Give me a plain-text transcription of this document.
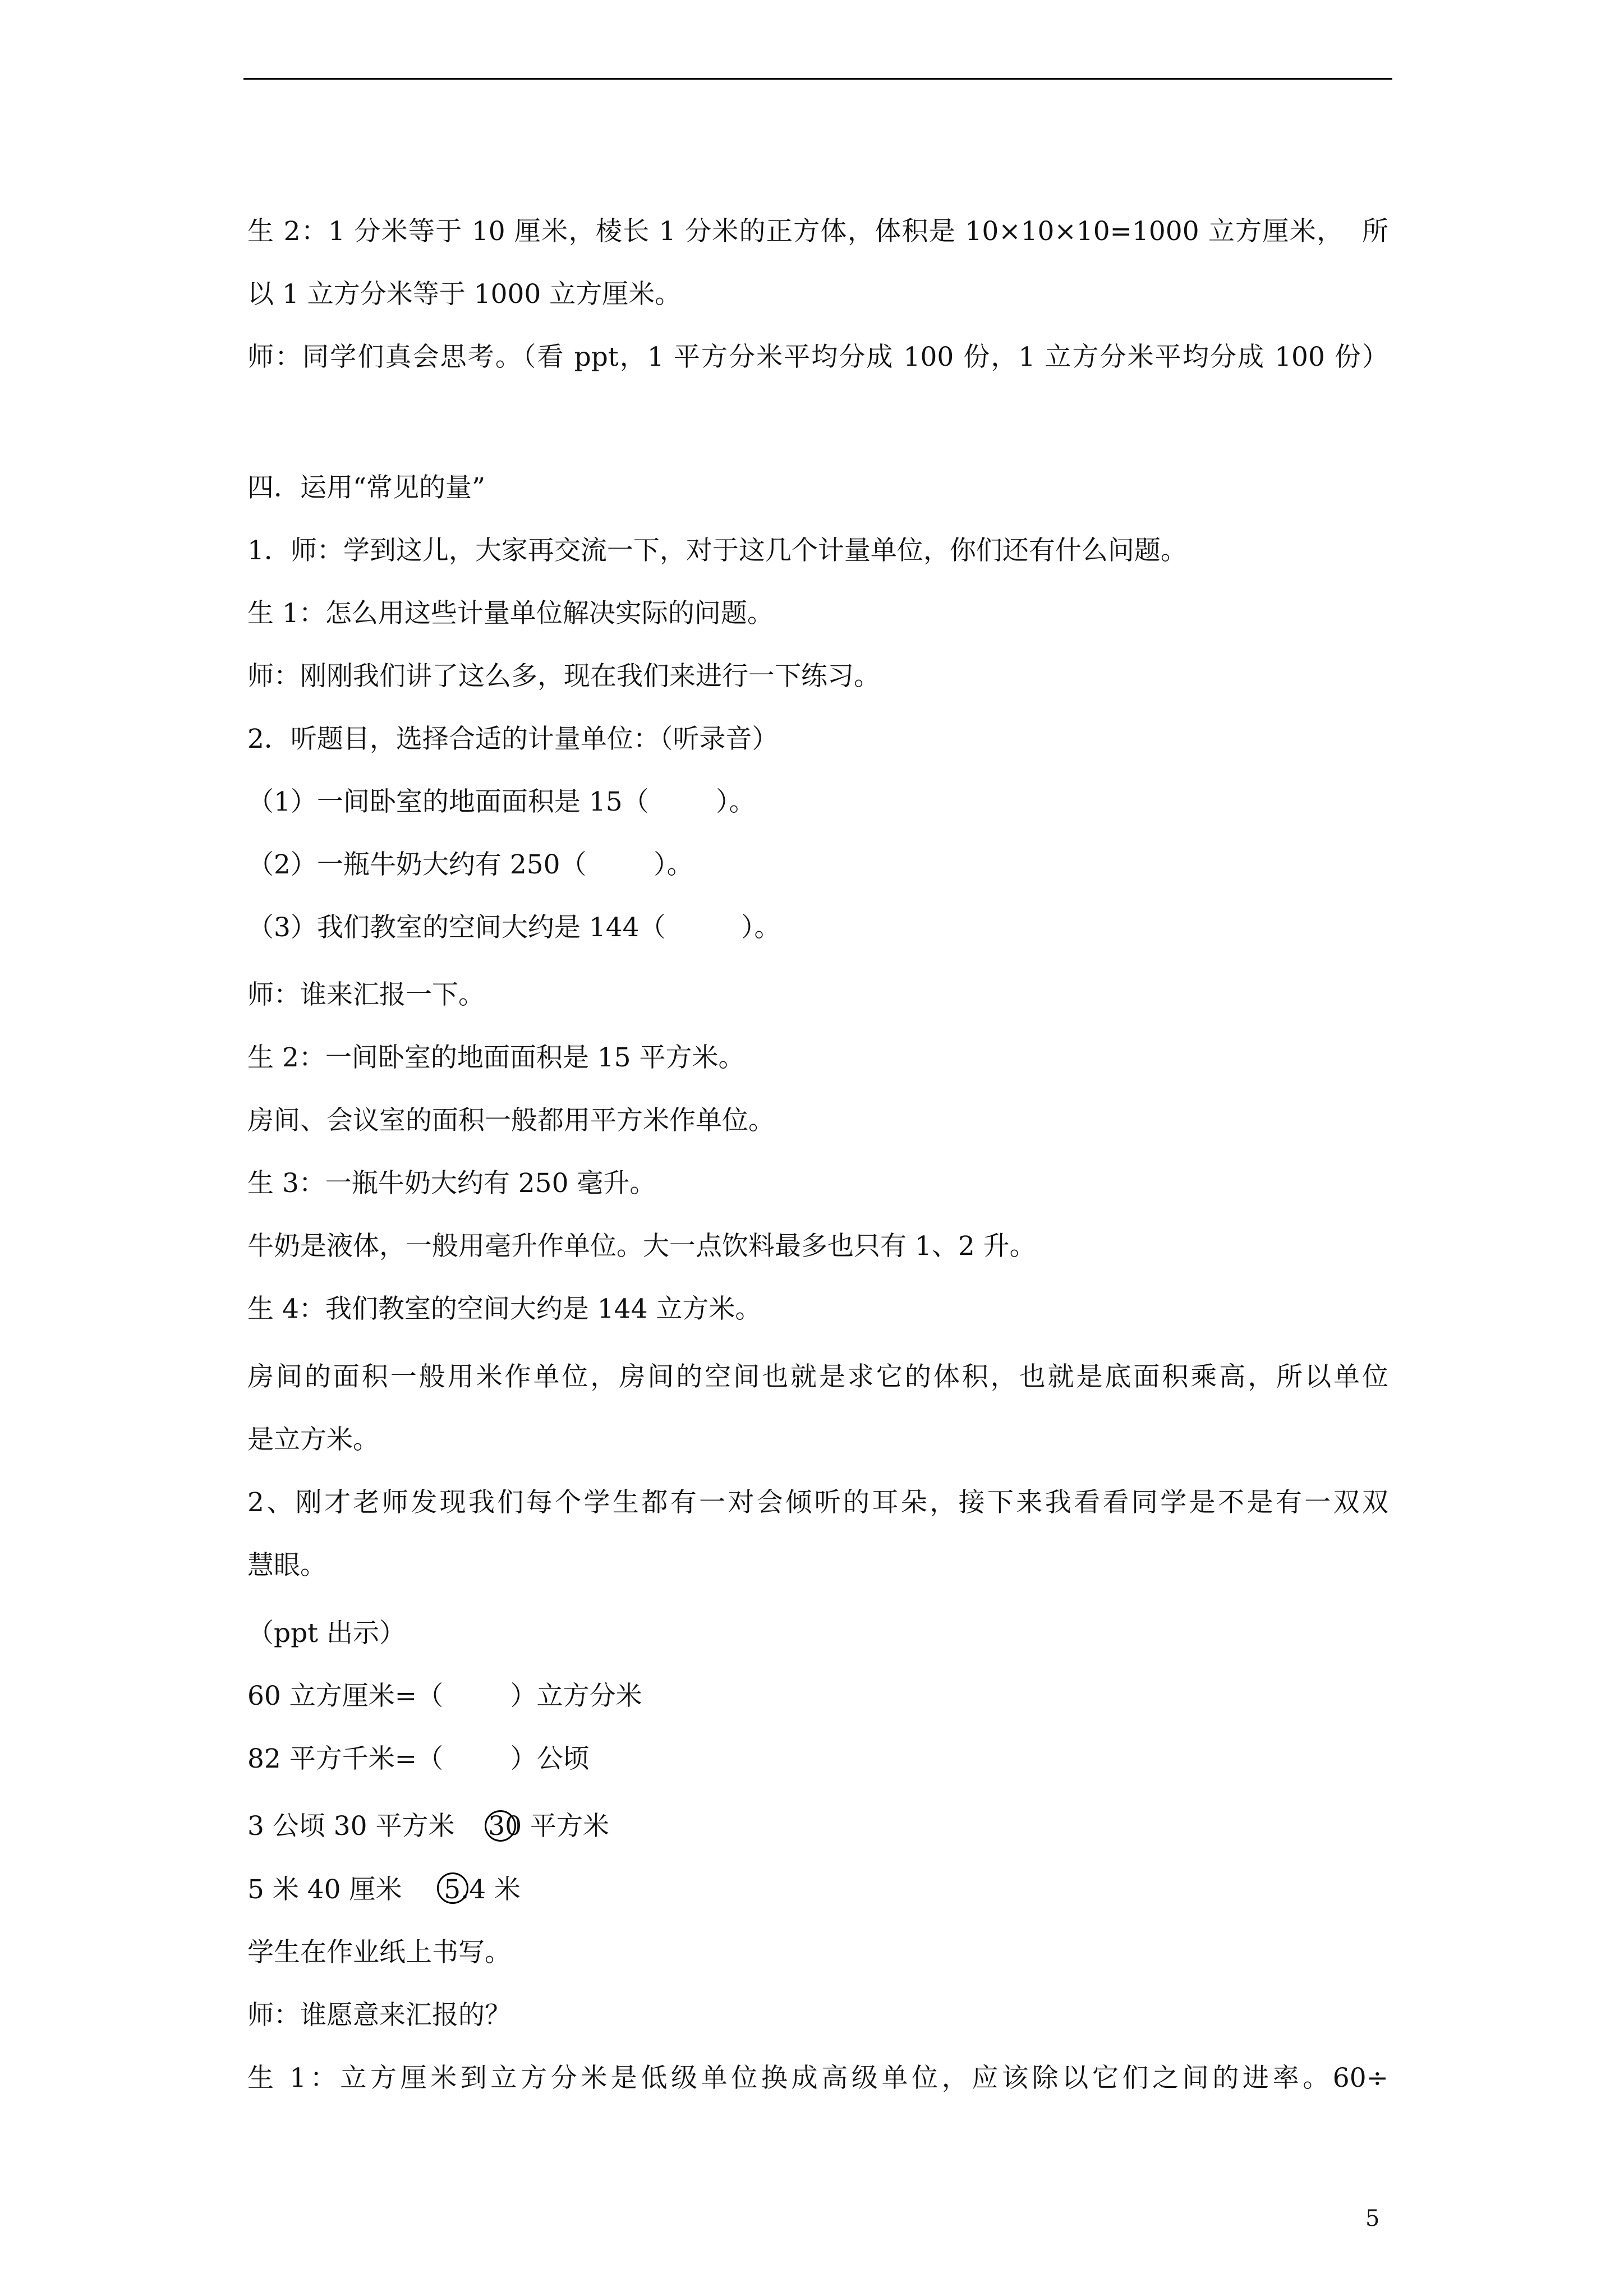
生 2：1 分米等于 10 厘米，棱长 1 分米的正方体，体积是 10×10×10=1000 立方厘米，  所
以 1 立方分米等于 1000 立方厘米。
师：同学们真会思考。（看 ppt，1 平方分米平均分成 100 份，1 立方分米平均分成 100 份）
四．运用“常见的量”
1．师：学到这儿，大家再交流一下，对于这几个计量单位，你们还有什么问题。
生 1：怎么用这些计量单位解决实际的问题。
师：刚刚我们讲了这么多，现在我们来进行一下练习。
2．听题目，选择合适的计量单位：（听录音）
（1）一间卧室的地面面积是 15（        ）。
（2）一瓶牛奶大约有 250（        ）。
（3）我们教室的空间大约是 144（         ）。
师：谁来汇报一下。
生 2：一间卧室的地面面积是 15 平方米。
房间、会议室的面积一般都用平方米作单位。
生 3：一瓶牛奶大约有 250 毫升。
牛奶是液体，一般用毫升作单位。大一点饮料最多也只有 1、2 升。
生 4：我们教室的空间大约是 144 立方米。
房间的面积一般用米作单位，房间的空间也就是求它的体积，也就是底面积乘高，所以单位
是立方米。
2、刚才老师发现我们每个学生都有一对会倾听的耳朵，接下来我看看同学是不是有一双双
慧眼。
（ppt 出示）
60 立方厘米=（        ）立方分米
82 平方千米=（        ）公顷
3 公顷 30 平方米    30 平方米
5 米 40 厘米     5.4 米
学生在作业纸上书写。
师：谁愿意来汇报的？
生 1：立方厘米到立方分米是低级单位换成高级单位，应该除以它们之间的进率。60÷
5
